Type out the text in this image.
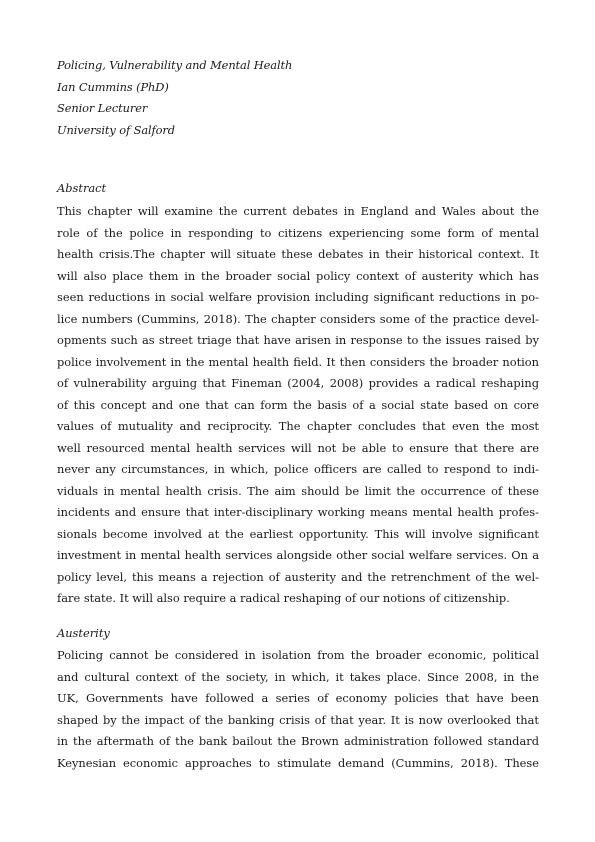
Policing, Vulnerability and Mental Health
Ian Cummins (PhD)
Senior Lecturer
University of Salford
Abstract
This chapter will examine the current debates in England and Wales about the
role of the police in responding to citizens experiencing some form of mental
health crisis.The chapter will situate these debates in their historical context. It
will also place them in the broader social policy context of austerity which has
seen reductions in social welfare provision including significant reductions in po-
lice numbers (Cummins, 2018). The chapter considers some of the practice devel-
opments such as street triage that have arisen in response to the issues raised by
police involvement in the mental health field. It then considers the broader notion
of vulnerability arguing that Fineman (2004, 2008) provides a radical reshaping
of this concept and one that can form the basis of a social state based on core
values of mutuality and reciprocity. The chapter concludes that even the most
well resourced mental health services will not be able to ensure that there are
never any circumstances, in which, police officers are called to respond to indi-
viduals in mental health crisis. The aim should be limit the occurrence of these
incidents and ensure that inter-disciplinary working means mental health profes-
sionals become involved at the earliest opportunity. This will involve significant
investment in mental health services alongside other social welfare services. On a
policy level, this means a rejection of austerity and the retrenchment of the wel-
fare state. It will also require a radical reshaping of our notions of citizenship.
Austerity
Policing cannot be considered in isolation from the broader economic, political
and cultural context of the society, in which, it takes place. Since 2008, in the
UK, Governments have followed a series of economy policies that have been
shaped by the impact of the banking crisis of that year. It is now overlooked that
in the aftermath of the bank bailout the Brown administration followed standard
Keynesian economic approaches to stimulate demand (Cummins, 2018). These
